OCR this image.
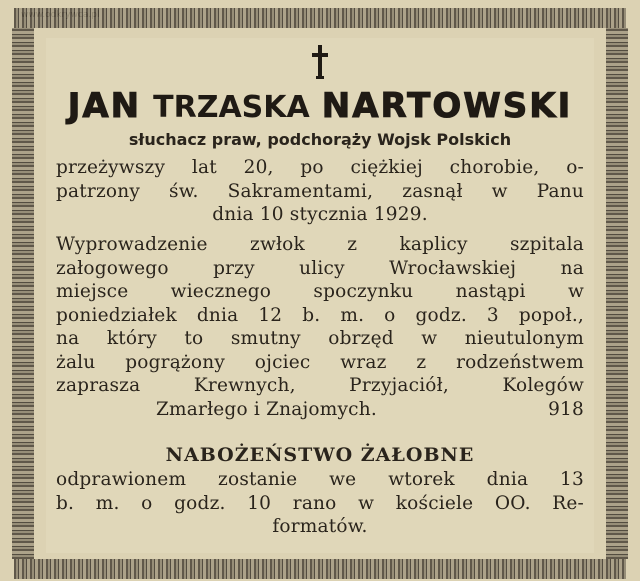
JAN TRZASKA NARTOWSKI
słuchacz praw, podchorąży Wojsk Polskich
przeżywszy lat 20, po ciężkiej chorobie, o-
patrzony św. Sakramentami, zasnął w Panu
dnia 10 stycznia 1929.
Wyprowadzenie zwłok z kaplicy szpitala
załogowego przy ulicy Wrocławskiej na
miejsce wiecznego spoczynku nastąpi w
poniedziałek dnia 12 b. m. o godz. 3 popoł.,
na który to smutny obrzęd w nieutulonym
żalu pogrążony ojciec wraz z rodzeństwem
zaprasza Krewnych, Przyjaciół, Kolegów
Zmarłego i Znajomych.	918
NABOŻEŃSTWO ŻAŁOBNE
odprawionem zostanie we wtorek dnia 13
b. m. o godz. 10 rano w kościele OO. Re-
formatów.
